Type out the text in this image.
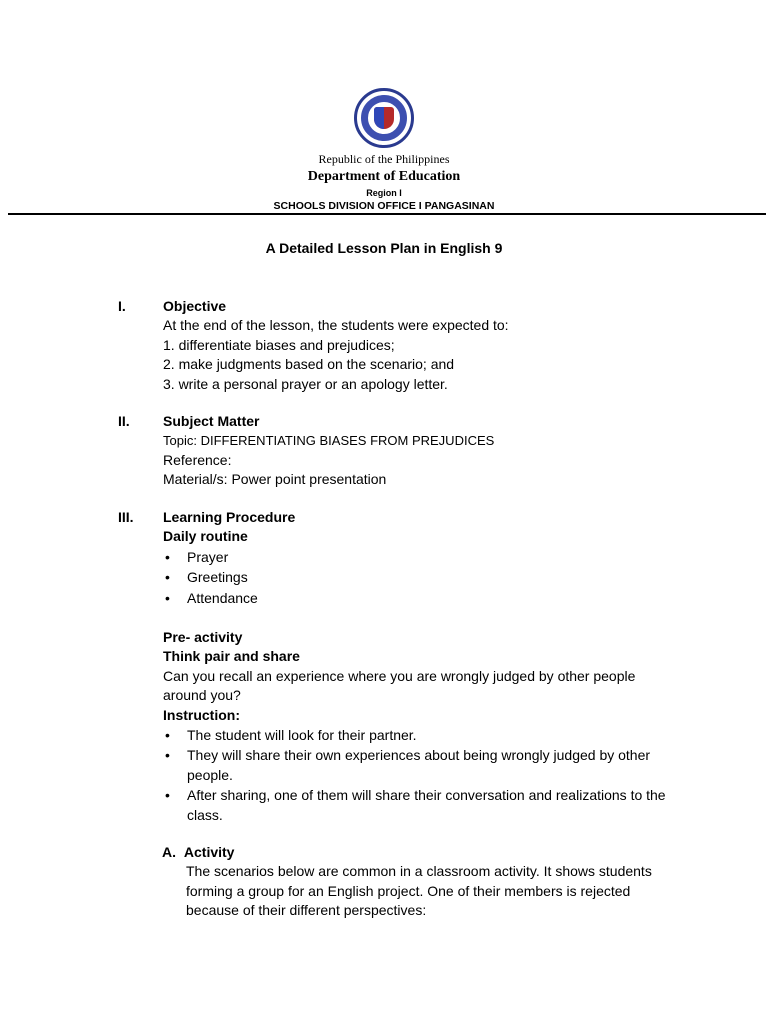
Republic of the Philippines
Department of Education
Region I
SCHOOLS DIVISION OFFICE I PANGASINAN
A Detailed Lesson Plan in English 9
I.	Objective
At the end of the lesson, the students were expected to:
1. differentiate biases and prejudices;
2. make judgments based on the scenario; and
3. write a personal prayer or an apology letter.
II. Subject Matter
Topic: DIFFERENTIATING BIASES FROM PREJUDICES
Reference:
Material/s: Power point presentation
III. Learning Procedure
Daily routine
• Prayer
• Greetings
• Attendance
Pre- activity
Think pair and share
Can you recall an experience where you are wrongly judged by other people around you?
Instruction:
• The student will look for their partner.
• They will share their own experiences about being wrongly judged by other people.
• After sharing, one of them will share their conversation and realizations to the class.
A. Activity
The scenarios below are common in a classroom activity. It shows students forming a group for an English project. One of their members is rejected because of their different perspectives:
